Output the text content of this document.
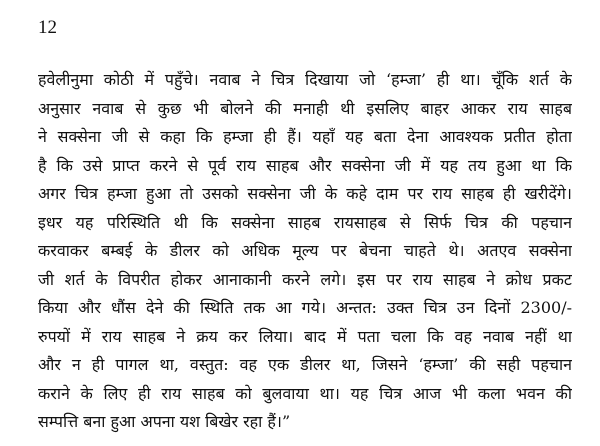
12
हवेलीनुमा कोठी में पहुँचे। नवाब ने चित्र दिखाया जो ‘हम्जा’ ही था। चूँकि शर्त के
अनुसार नवाब से कुछ भी बोलने की मनाही थी इसलिए बाहर आकर राय साहब
ने सक्सेना जी से कहा कि हम्जा ही हैं। यहाँ यह बता देना आवश्यक प्रतीत होता
है कि उसे प्राप्त करने से पूर्व राय साहब और सक्सेना जी में यह तय हुआ था कि
अगर चित्र हम्जा हुआ तो उसको सक्सेना जी के कहे दाम पर राय साहब ही खरीदेंगे।
इधर यह परिस्थिति थी कि सक्सेना साहब रायसाहब से सिर्फ चित्र की पहचान
करवाकर बम्बई के डीलर को अधिक मूल्य पर बेचना चाहते थे। अतएव सक्सेना
जी शर्त के विपरीत होकर आनाकानी करने लगे। इस पर राय साहब ने क्रोध प्रकट
किया और धौंस देने की स्थिति तक आ गये। अन्तत: उक्त चित्र उन दिनों 2300/-
रुपयों में राय साहब ने क्रय कर लिया। बाद में पता चला कि वह नवाब नहीं था
और न ही पागल था, वस्तुत: वह एक डीलर था, जिसने ‘हम्जा’ की सही पहचान
कराने के लिए ही राय साहब को बुलवाया था। यह चित्र आज भी कला भवन की
सम्पत्ति बना हुआ अपना यश बिखेर रहा हैं।”
